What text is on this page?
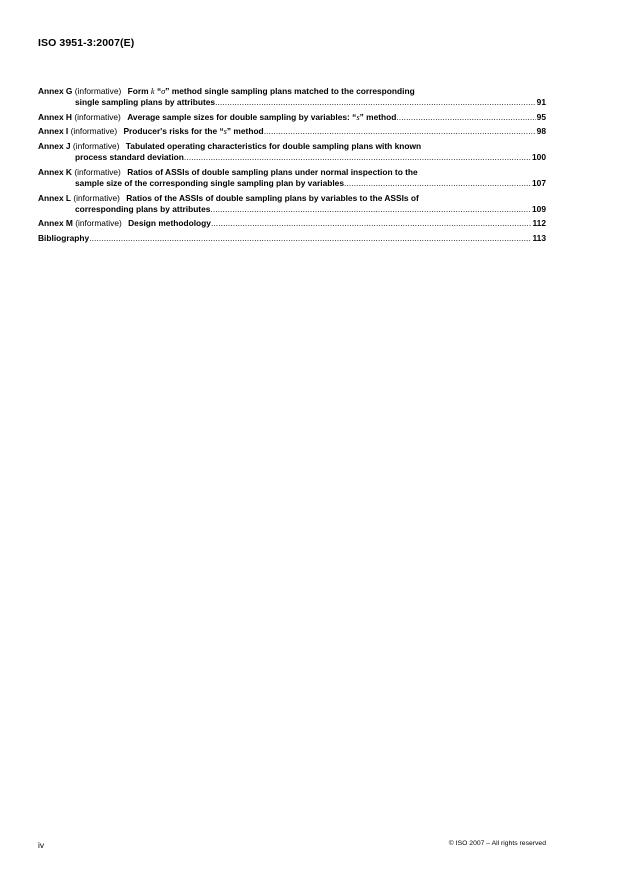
ISO 3951-3:2007(E)
Annex G (informative) Form k “σ” method single sampling plans matched to the corresponding
single sampling plans by attributes .....	91
Annex H (informative) Average sample sizes for double sampling by variables: “s” method .....	95
Annex I (informative) Producer's risks for the “s” method .....	98
Annex J (informative) Tabulated operating characteristics for double sampling plans with known
process standard deviation .....	100
Annex K (informative) Ratios of ASSIs of double sampling plans under normal inspection to the
sample size of the corresponding single sampling plan by variables .....	107
Annex L (informative) Ratios of the ASSIs of double sampling plans by variables to the ASSIs of
corresponding plans by attributes .....	109
Annex M (informative) Design methodology .....	112
Bibliography .....	113
iv	© ISO 2007 – All rights reserved
